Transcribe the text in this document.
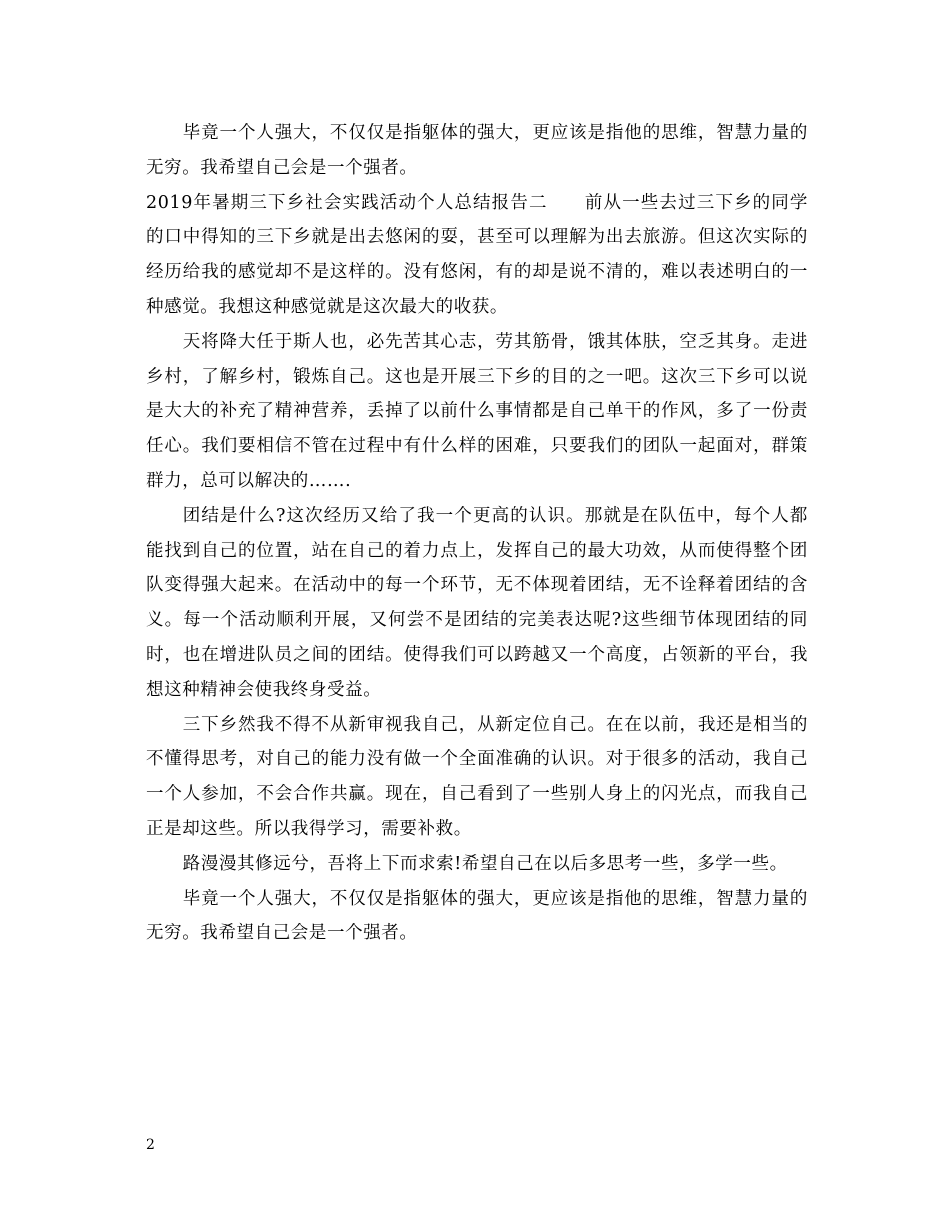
毕竟一个人强大，不仅仅是指躯体的强大，更应该是指他的思维，智慧力量的无穷。我希望自己会是一个强者。

2019年暑期三下乡社会实践活动个人总结报告二　　前从一些去过三下乡的同学的口中得知的三下乡就是出去悠闲的耍，甚至可以理解为出去旅游。但这次实际的经历给我的感觉却不是这样的。没有悠闲，有的却是说不清的，难以表述明白的一种感觉。我想这种感觉就是这次最大的收获。

天将降大任于斯人也，必先苦其心志，劳其筋骨，饿其体肤，空乏其身。走进乡村，了解乡村，锻炼自己。这也是开展三下乡的目的之一吧。这次三下乡可以说是大大的补充了精神营养，丢掉了以前什么事情都是自己单干的作风，多了一份责任心。我们要相信不管在过程中有什么样的困难，只要我们的团队一起面对，群策群力，总可以解决的…….

团结是什么?这次经历又给了我一个更高的认识。那就是在队伍中，每个人都能找到自己的位置，站在自己的着力点上，发挥自己的最大功效，从而使得整个团队变得强大起来。在活动中的每一个环节，无不体现着团结，无不诠释着团结的含义。每一个活动顺利开展，又何尝不是团结的完美表达呢?这些细节体现团结的同时，也在增进队员之间的团结。使得我们可以跨越又一个高度，占领新的平台，我想这种精神会使我终身受益。

三下乡然我不得不从新审视我自己，从新定位自己。在在以前，我还是相当的不懂得思考，对自己的能力没有做一个全面准确的认识。对于很多的活动，我自己一个人参加，不会合作共赢。现在，自己看到了一些别人身上的闪光点，而我自己正是却这些。所以我得学习，需要补救。

路漫漫其修远兮，吾将上下而求索!希望自己在以后多思考一些，多学一些。

毕竟一个人强大，不仅仅是指躯体的强大，更应该是指他的思维，智慧力量的无穷。我希望自己会是一个强者。

2
